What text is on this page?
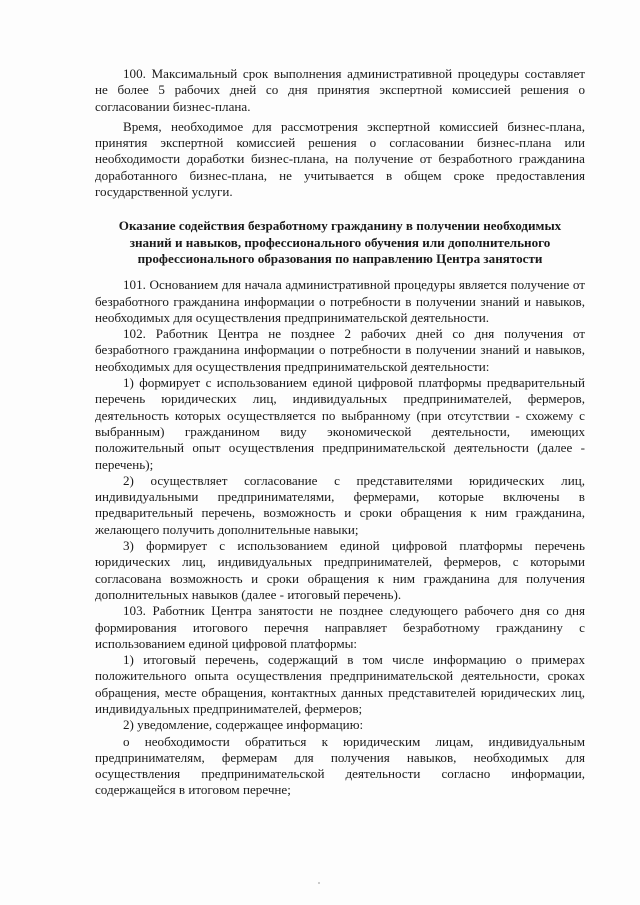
100. Максимальный срок выполнения административной процедуры составляет не более 5 рабочих дней со дня принятия экспертной комиссией решения о согласовании бизнес-плана.

Время, необходимое для рассмотрения экспертной комиссией бизнес-плана, принятия экспертной комиссией решения о согласовании бизнес-плана или необходимости доработки бизнес-плана, на получение от безработного гражданина доработанного бизнес-плана, не учитывается в общем сроке предоставления государственной услуги.

Оказание содействия безработному гражданину в получении необходимых знаний и навыков, профессионального обучения или дополнительного профессионального образования по направлению Центра занятости

101. Основанием для начала административной процедуры является получение от безработного гражданина информации о потребности в получении знаний и навыков, необходимых для осуществления предпринимательской деятельности.

102. Работник Центра не позднее 2 рабочих дней со дня получения от безработного гражданина информации о потребности в получении знаний и навыков, необходимых для осуществления предпринимательской деятельности:

1) формирует с использованием единой цифровой платформы предварительный перечень юридических лиц, индивидуальных предпринимателей, фермеров, деятельность которых осуществляется по выбранному (при отсутствии - схожему с выбранным) гражданином виду экономической деятельности, имеющих положительный опыт осуществления предпринимательской деятельности (далее - перечень);

2) осуществляет согласование с представителями юридических лиц, индивидуальными предпринимателями, фермерами, которые включены в предварительный перечень, возможность и сроки обращения к ним гражданина, желающего получить дополнительные навыки;

3) формирует с использованием единой цифровой платформы перечень юридических лиц, индивидуальных предпринимателей, фермеров, с которыми согласована возможность и сроки обращения к ним гражданина для получения дополнительных навыков (далее - итоговый перечень).

103. Работник Центра занятости не позднее следующего рабочего дня со дня формирования итогового перечня направляет безработному гражданину с использованием единой цифровой платформы:

1) итоговый перечень, содержащий в том числе информацию о примерах положительного опыта осуществления предпринимательской деятельности, сроках обращения, месте обращения, контактных данных представителей юридических лиц, индивидуальных предпринимателей, фермеров;

2) уведомление, содержащее информацию:

о необходимости обратиться к юридическим лицам, индивидуальным предпринимателям, фермерам для получения навыков, необходимых для осуществления предпринимательской деятельности согласно информации, содержащейся в итоговом перечне;
